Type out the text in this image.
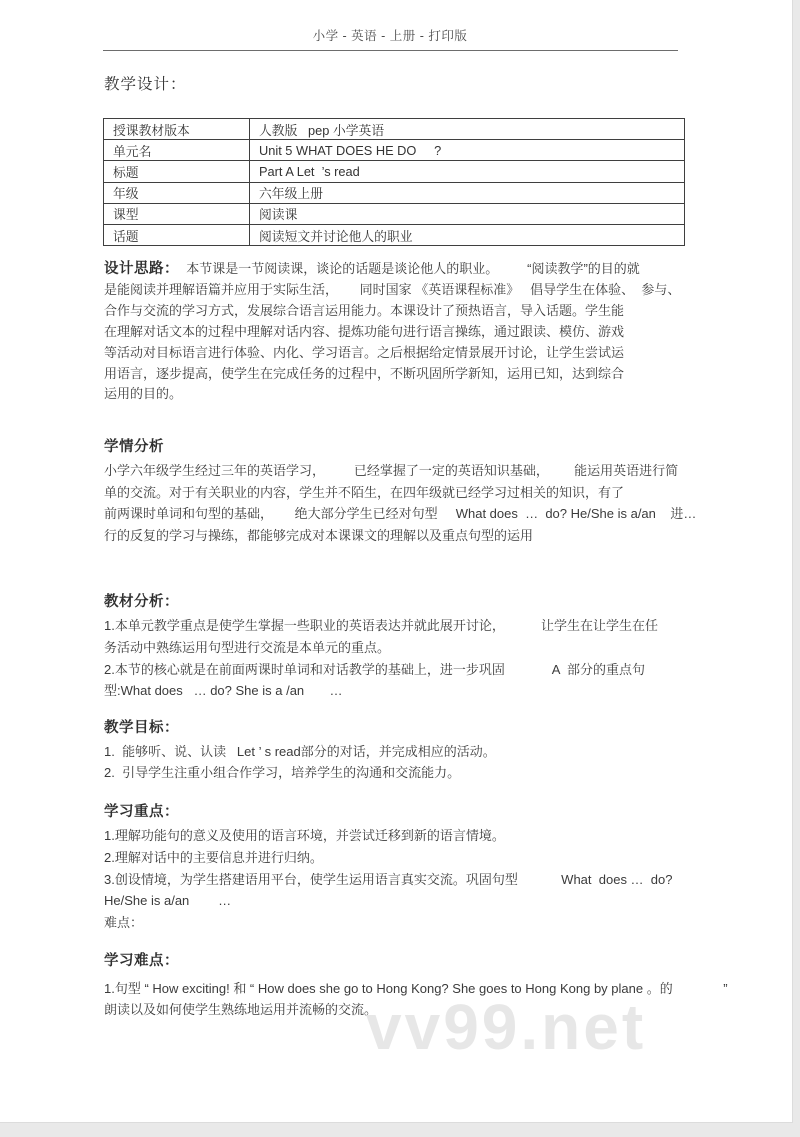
小学 - 英语 - 上册 - 打印版
教学设计：
授课教材版本	人教版   pep 小学英语
单元名	Unit 5 WHAT DOES HE DO     ?
标题	Part A Let  ’s read
年级	六年级上册
课型	阅读课
话题	阅读短文并讨论他人的职业
设计思路：  本节课是一节阅读课，谈论的话题是谈论他人的职业。        “阅读教学”的目的就
是能阅读并理解语篇并应用于实际生活，      同时国家 《英语课程标准》   倡导学生在体验、  参与、
合作与交流的学习方式，发展综合语言运用能力。本课设计了预热语言，导入话题。学生能
在理解对话文本的过程中理解对话内容、提炼功能句进行语言操练，通过跟读、模仿、游戏
等活动对目标语言进行体验、内化、学习语言。之后根据给定情景展开讨论，让学生尝试运
用语言，逐步提高，使学生在完成任务的过程中，不断巩固所学新知，运用已知，达到综合
运用的目的。
学情分析
小学六年级学生经过三年的英语学习，        已经掌握了一定的英语知识基础，       能运用英语进行简
单的交流。对于有关职业的内容，学生并不陌生，在四年级就已经学习过相关的知识，有了
前两课时单词和句型的基础，      绝大部分学生已经对句型     What does  …  do? He/She is a/an    进…
行的反复的学习与操练，都能够完成对本课课文的理解以及重点句型的运用
教材分析：
1.本单元教学重点是使学生掌握一些职业的英语表达并就此展开讨论，          让学生在让学生在任
务活动中熟练运用句型进行交流是本单元的重点。
2.本节的核心就是在前面两课时单词和对话教学的基础上，进一步巩固             A  部分的重点句
型:What does   … do? She is a /an       …
教学目标：
1.  能够听、说、认读   Let ’ s read部分的对话，并完成相应的活动。
2.  引导学生注重小组合作学习，培养学生的沟通和交流能力。
学习重点：
1.理解功能句的意义及使用的语言环境，并尝试迁移到新的语言情境。
2.理解对话中的主要信息并进行归纳。
3.创设情境，为学生搭建语用平台，使学生运用语言真实交流。巩固句型            What  does …  do?
He/She is a/an        …
难点：
学习难点：
1.句型 “ How exciting! 和 “ How does she go to Hong Kong? She goes to Hong Kong by plane 。的              ”
朗读以及如何使学生熟练地运用并流畅的交流。
vv99.net
